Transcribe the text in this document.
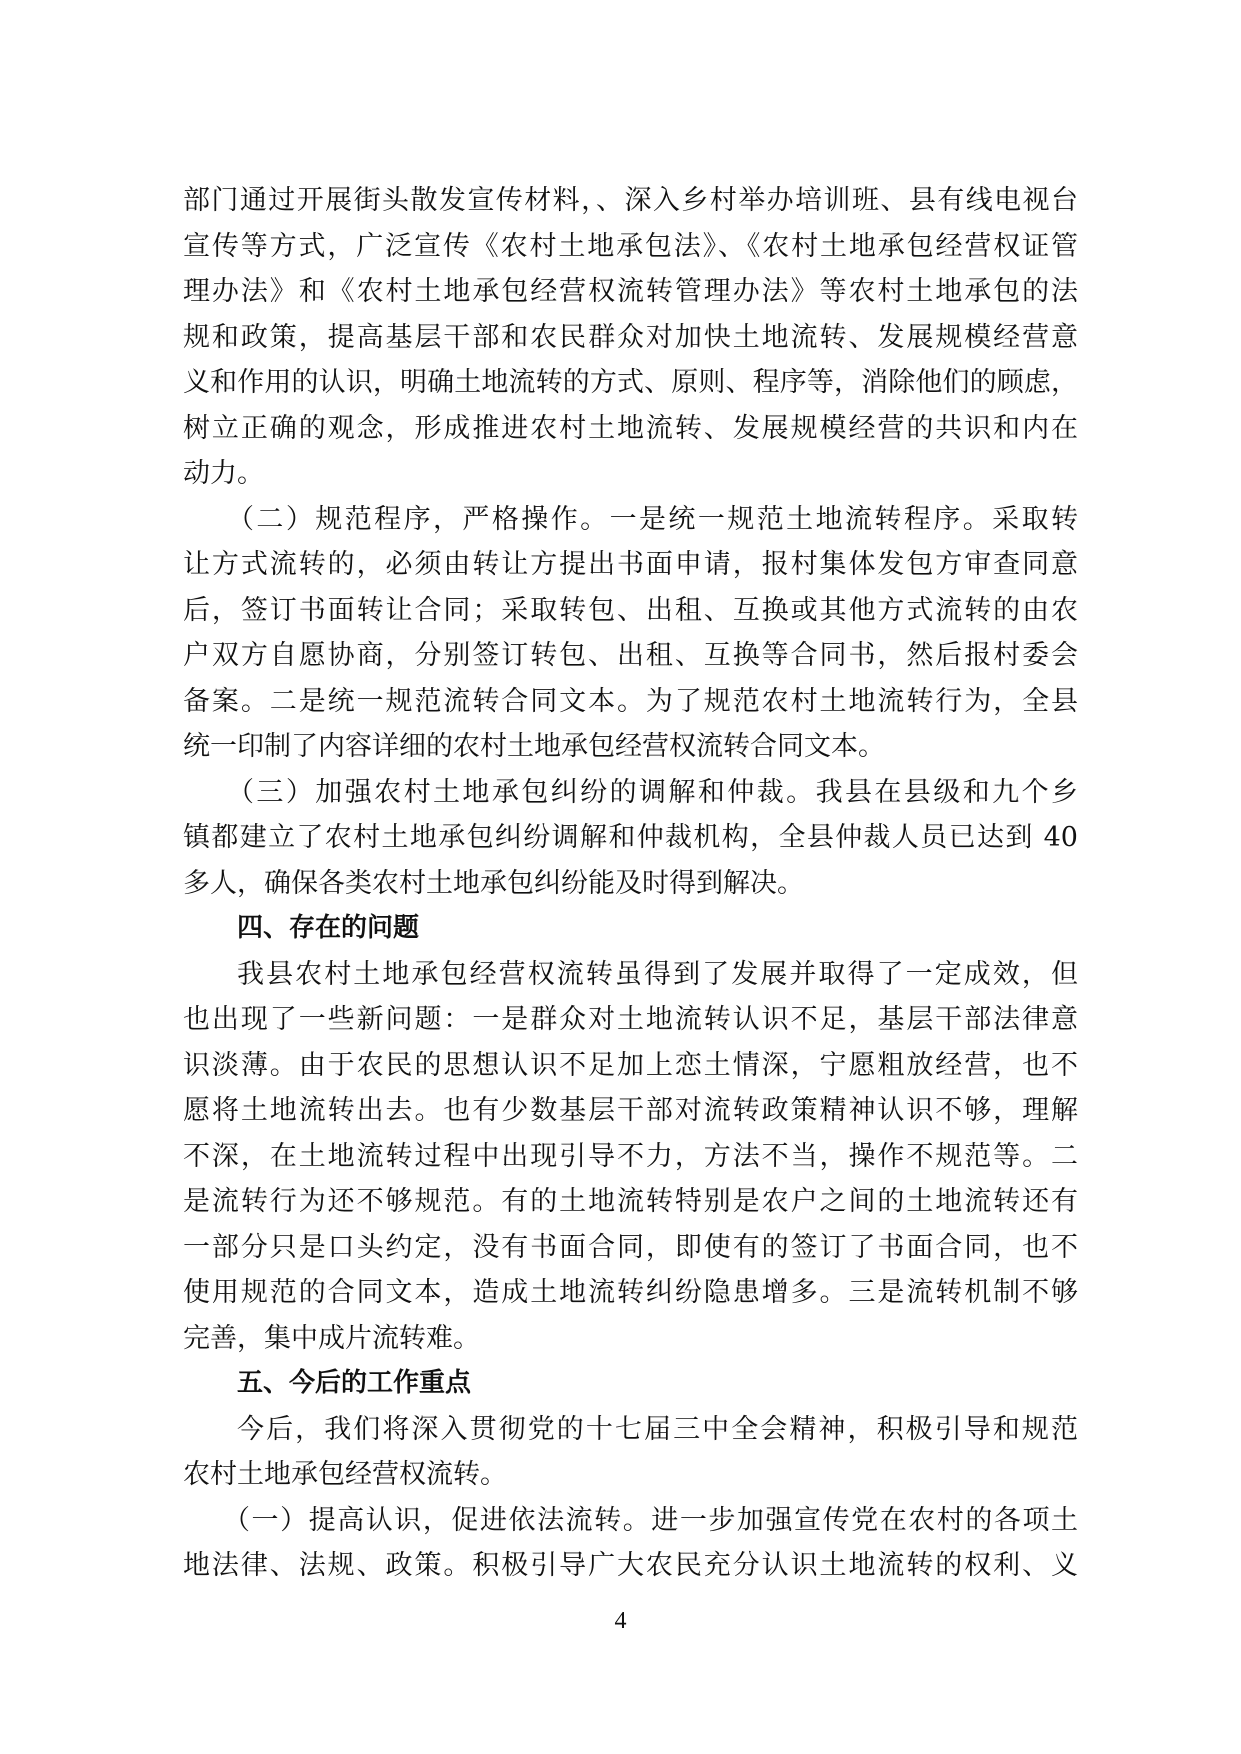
部门通过开展街头散发宣传材料，、深入乡村举办培训班、县有线电视台
宣传等方式，广泛宣传《农村土地承包法》、《农村土地承包经营权证管
理办法》和《农村土地承包经营权流转管理办法》等农村土地承包的法
规和政策，提高基层干部和农民群众对加快土地流转、发展规模经营意
义和作用的认识，明确土地流转的方式、原则、程序等，消除他们的顾虑，
树立正确的观念，形成推进农村土地流转、发展规模经营的共识和内在
动力。
（二）规范程序，严格操作。一是统一规范土地流转程序。采取转
让方式流转的，必须由转让方提出书面申请，报村集体发包方审查同意
后，签订书面转让合同；采取转包、出租、互换或其他方式流转的由农
户双方自愿协商，分别签订转包、出租、互换等合同书，然后报村委会
备案。二是统一规范流转合同文本。为了规范农村土地流转行为，全县
统一印制了内容详细的农村土地承包经营权流转合同文本。
（三）加强农村土地承包纠纷的调解和仲裁。我县在县级和九个乡
镇都建立了农村土地承包纠纷调解和仲裁机构，全县仲裁人员已达到 40
多人，确保各类农村土地承包纠纷能及时得到解决。
四、存在的问题
我县农村土地承包经营权流转虽得到了发展并取得了一定成效，但
也出现了一些新问题：一是群众对土地流转认识不足，基层干部法律意
识淡薄。由于农民的思想认识不足加上恋土情深，宁愿粗放经营，也不
愿将土地流转出去。也有少数基层干部对流转政策精神认识不够，理解
不深，在土地流转过程中出现引导不力，方法不当，操作不规范等。二
是流转行为还不够规范。有的土地流转特别是农户之间的土地流转还有
一部分只是口头约定，没有书面合同，即使有的签订了书面合同，也不
使用规范的合同文本，造成土地流转纠纷隐患增多。三是流转机制不够
完善，集中成片流转难。
五、今后的工作重点
今后，我们将深入贯彻党的十七届三中全会精神，积极引导和规范
农村土地承包经营权流转。
（一）提高认识，促进依法流转。进一步加强宣传党在农村的各项土
地法律、法规、政策。积极引导广大农民充分认识土地流转的权利、义
4
